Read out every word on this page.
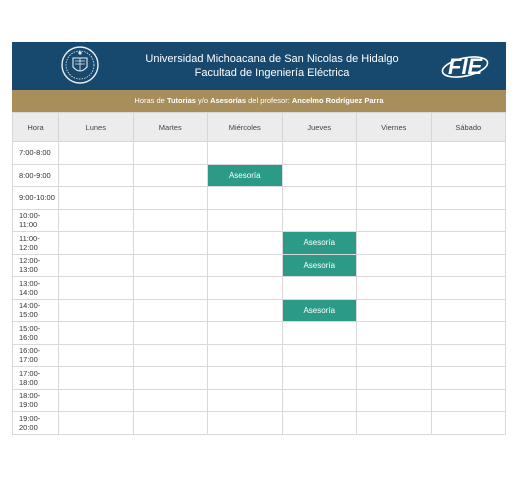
Universidad Michoacana de San Nicolas de Hidalgo
Facultad de Ingeniería Eléctrica	FIE
Horas de Tutorias y/o Asesorías del profesor: Ancelmo Rodríguez Parra
Hora	Lunes	Martes	Miércoles	Jueves	Viernes	Sábado
7:00-8:00						
8:00-9:00			Asesoría			
9:00-10:00						
10:00-11:00						
11:00-12:00				Asesoría		
12:00-13:00				Asesoría		
13:00-14:00						
14:00-15:00				Asesoría		
15:00-16:00						
16:00-17:00						
17:00-18:00						
18:00-19:00						
19:00-20:00						
